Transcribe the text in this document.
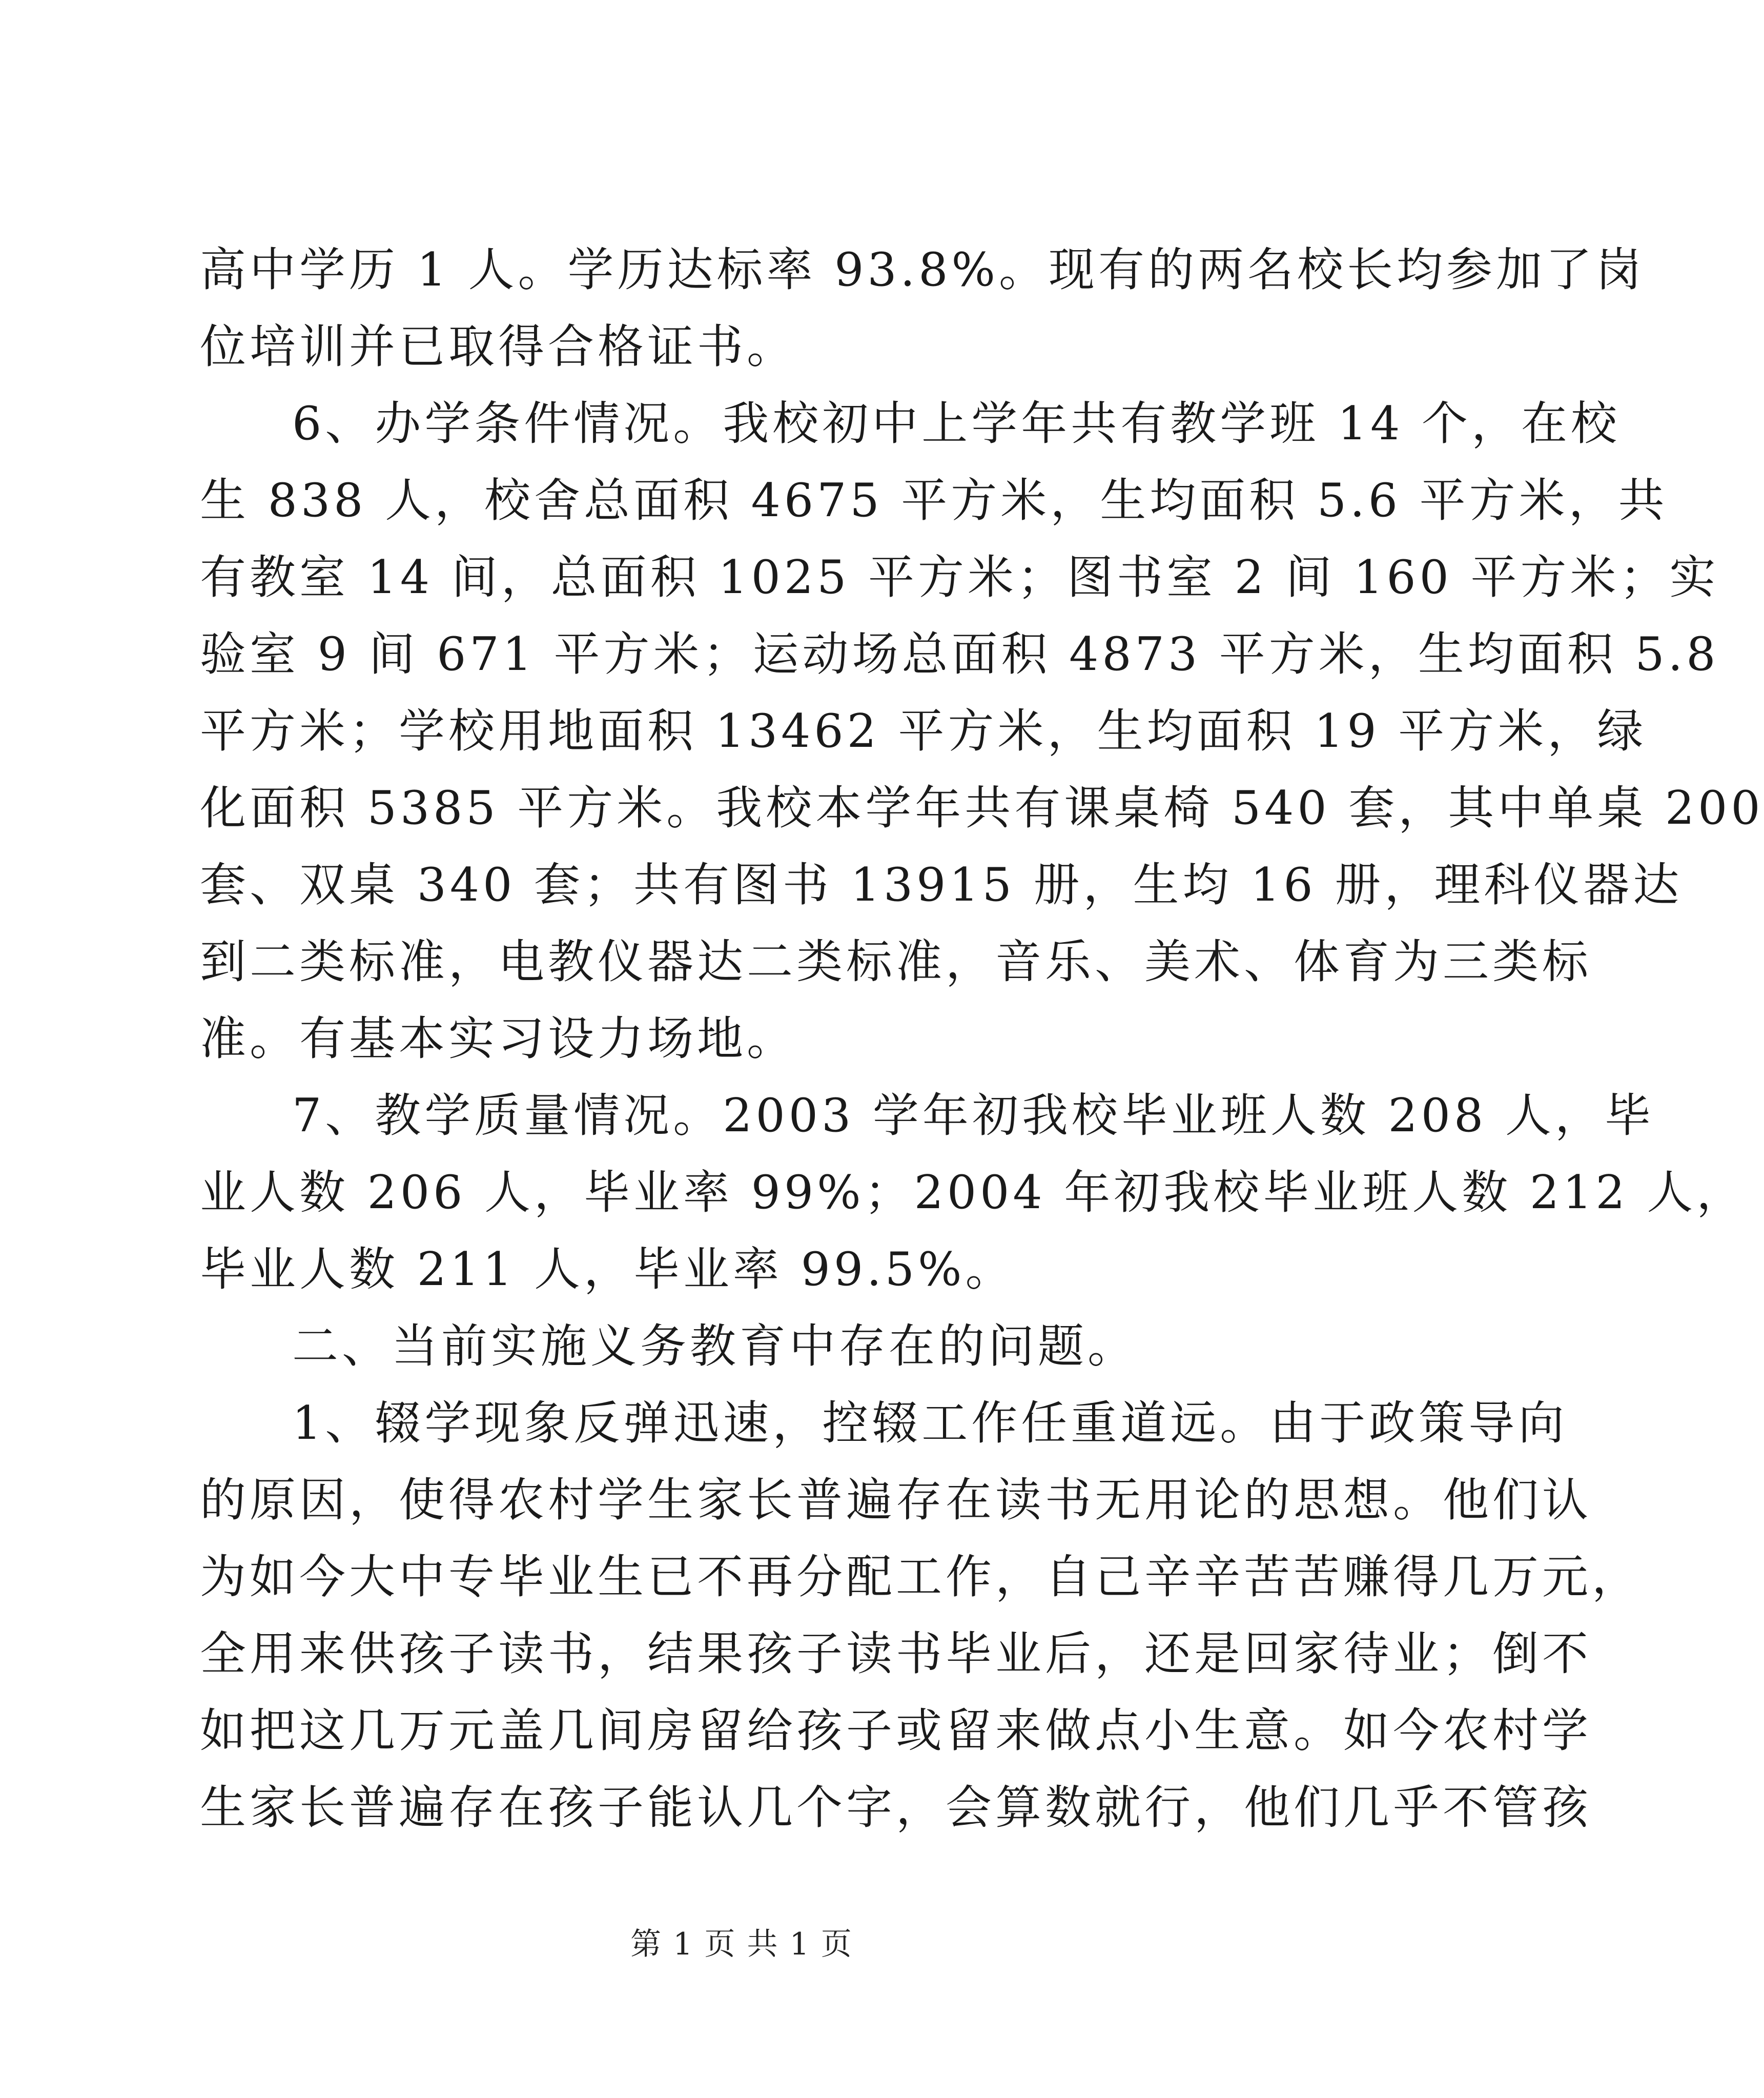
高中学历 1 人。学历达标率 93.8%。现有的两名校长均参加了岗
位培训并已取得合格证书。
6、办学条件情况。我校初中上学年共有教学班 14 个，在校
生 838 人，校舍总面积 4675 平方米，生均面积 5.6 平方米，共
有教室 14 间，总面积 1025 平方米；图书室 2 间 160 平方米；实
验室 9 间 671 平方米；运动场总面积 4873 平方米，生均面积 5.8
平方米；学校用地面积 13462 平方米，生均面积 19 平方米，绿
化面积 5385 平方米。我校本学年共有课桌椅 540 套，其中单桌 200
套、双桌 340 套；共有图书 13915 册，生均 16 册，理科仪器达
到二类标准，电教仪器达二类标准，音乐、美术、体育为三类标
准。有基本实习设力场地。
7、教学质量情况。2003 学年初我校毕业班人数 208 人，毕
业人数 206 人，毕业率 99%；2004 年初我校毕业班人数 212 人，
毕业人数 211 人，毕业率 99.5%。
二、当前实施义务教育中存在的问题。
1、辍学现象反弹迅速，控辍工作任重道远。由于政策导向
的原因，使得农村学生家长普遍存在读书无用论的思想。他们认
为如今大中专毕业生已不再分配工作，自己辛辛苦苦赚得几万元，
全用来供孩子读书，结果孩子读书毕业后，还是回家待业；倒不
如把这几万元盖几间房留给孩子或留来做点小生意。如今农村学
生家长普遍存在孩子能认几个字，会算数就行，他们几乎不管孩
第 1 页 共 1 页
